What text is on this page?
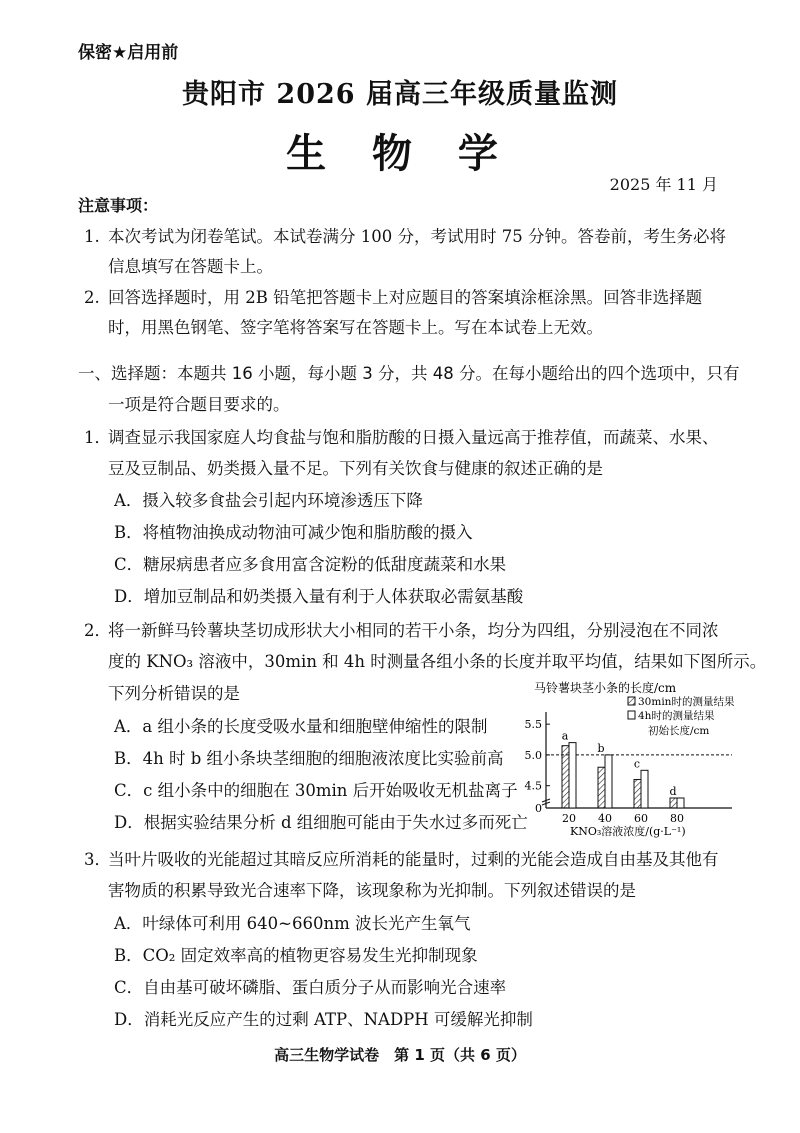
保密★启用前
贵阳市 2026 届高三年级质量监测
生 物 学
2025 年 11 月
注意事项：
1. 本次考试为闭卷笔试。本试卷满分 100 分，考试用时 75 分钟。答卷前，考生务必将
信息填写在答题卡上。
2. 回答选择题时，用 2B 铅笔把答题卡上对应题目的答案填涂框涂黑。回答非选择题
时，用黑色钢笔、签字笔将答案写在答题卡上。写在本试卷上无效。
一、选择题：本题共 16 小题，每小题 3 分，共 48 分。在每小题给出的四个选项中，只有
一项是符合题目要求的。
1．调查显示我国家庭人均食盐与饱和脂肪酸的日摄入量远高于推荐值，而蔬菜、水果、
豆及豆制品、奶类摄入量不足。下列有关饮食与健康的叙述正确的是
A．摄入较多食盐会引起内环境渗透压下降
B．将植物油换成动物油可减少饱和脂肪酸的摄入
C．糖尿病患者应多食用富含淀粉的低甜度蔬菜和水果
D．增加豆制品和奶类摄入量有利于人体获取必需氨基酸
2．将一新鲜马铃薯块茎切成形状大小相同的若干小条，均分为四组，分别浸泡在不同浓
度的 KNO₃ 溶液中，30min 和 4h 时测量各组小条的长度并取平均值，结果如下图所示。
下列分析错误的是
A．a 组小条的长度受吸水量和细胞壁伸缩性的限制
B．4h 时 b 组小条块茎细胞的细胞液浓度比实验前高
C．c 组小条中的细胞在 30min 后开始吸收无机盐离子
D．根据实验结果分析 d 组细胞可能由于失水过多而死亡
马铃薯块茎小条的长度/cm
30min时的测量结果
4h时的测量结果
初始长度/cm
5.5
5.0
4.5
0
a
20
b
40
c
60
d
80
KNO₃溶液浓度/(g·L⁻¹)
3．当叶片吸收的光能超过其暗反应所消耗的能量时，过剩的光能会造成自由基及其他有
害物质的积累导致光合速率下降，该现象称为光抑制。下列叙述错误的是
A．叶绿体可利用 640~660nm 波长光产生氧气
B．CO₂ 固定效率高的植物更容易发生光抑制现象
C．自由基可破坏磷脂、蛋白质分子从而影响光合速率
D．消耗光反应产生的过剩 ATP、NADPH 可缓解光抑制
高三生物学试卷　第 1 页（共 6 页）
